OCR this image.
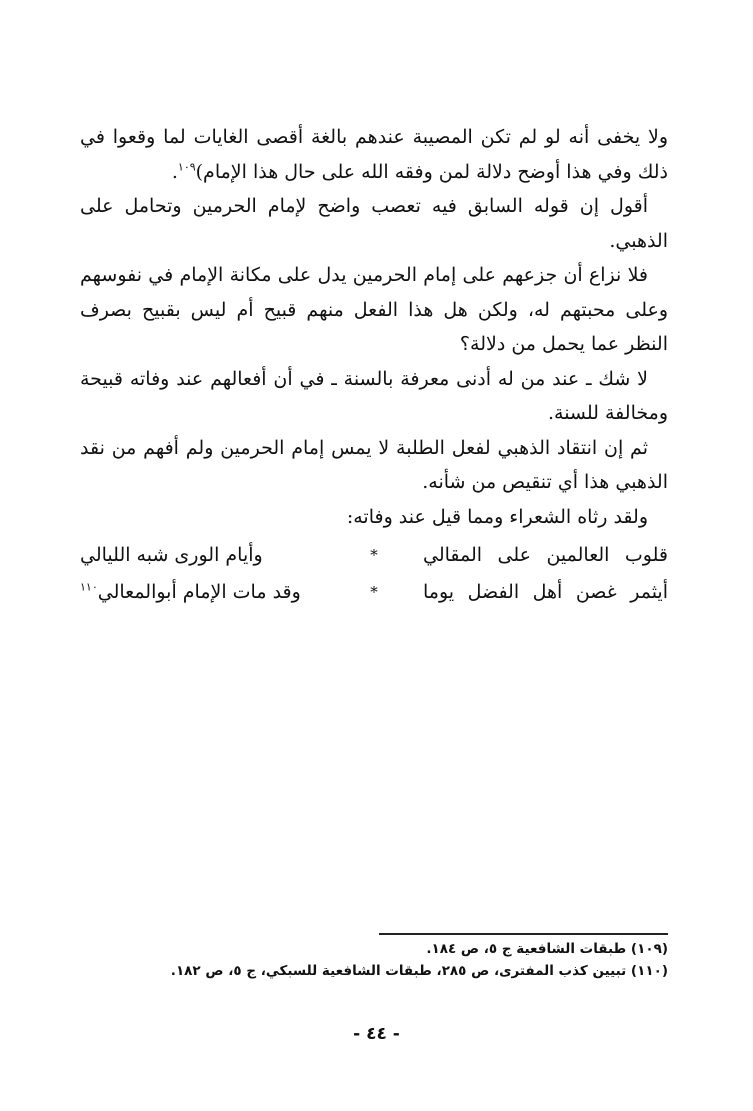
ولا يخفى أنه لو لم تكن المصيبة عندهم بالغة أقصى الغايات لما وقعوا في ذلك وفي هذا أوضح دلالة لمن وفقه الله على حال هذا الإمام)$^{١٠٩}$.

أقول إن قوله السابق فيه تعصب واضح لإمام الحرمين وتحامل على الذهبي.

فلا نزاع أن جزعهم على إمام الحرمين يدل على مكانة الإمام في نفوسهم وعلى محبتهم له، ولكن هل هذا الفعل منهم قبيح أم ليس بقبيح بصرف النظر عما يحمل من دلالة؟

لا شك ـ عند من له أدنى معرفة بالسنة ـ في أن أفعالهم عند وفاته قبيحة ومخالفة للسنة.

ثم إن انتقاد الذهبي لفعل الطلبة لا يمس إمام الحرمين ولم أفهم من نقد الذهبي هذا أي تنقيص من شأنه.

ولقد رثاه الشعراء ومما قيل عند وفاته:

قلوب العالمين على المقالي
*
وأيام الورى شبه الليالي
أيثمر غصن أهل الفضل يوما
*
وقد مات الإمام أبوالمعالي$^{١١٠}$

(١٠٩) طبقات الشافعية ج ٥، ص ١٨٤.

(١١٠) تبيين كذب المفترى، ص ٢٨٥، طبقات الشافعية للسبكي، ج ٥، ص ١٨٢.

- ٤٤ -
